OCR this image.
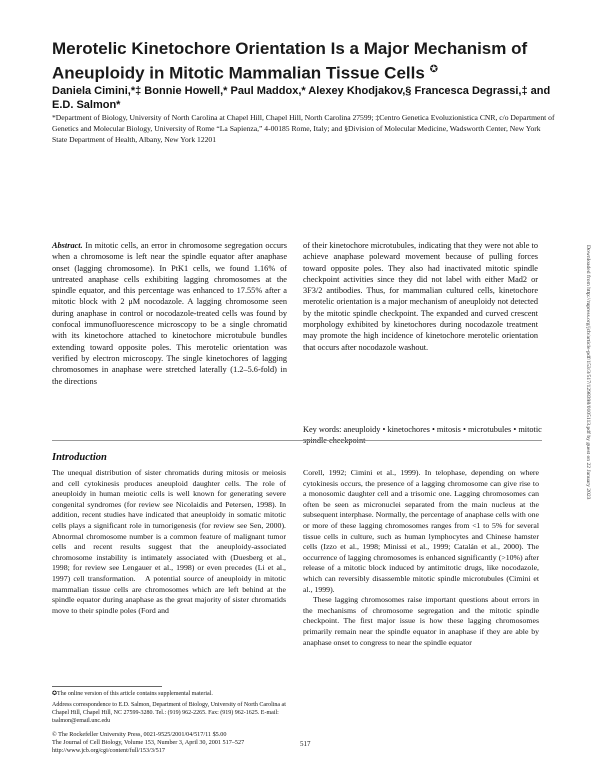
Merotelic Kinetochore Orientation Is a Major Mechanism of Aneuploidy in Mitotic Mammalian Tissue Cells ✪
Daniela Cimini,*‡ Bonnie Howell,* Paul Maddox,* Alexey Khodjakov,§ Francesca Degrassi,‡ and E.D. Salmon*
*Department of Biology, University of North Carolina at Chapel Hill, Chapel Hill, North Carolina 27599; ‡Centro Genetica Evoluzionistica CNR, c/o Department of Genetics and Molecular Biology, University of Rome “La Sapienza,” 4-00185 Rome, Italy; and §Division of Molecular Medicine, Wadsworth Center, New York State Department of Health, Albany, New York 12201
Abstract. In mitotic cells, an error in chromosome segregation occurs when a chromosome is left near the spindle equator after anaphase onset (lagging chromosome). In PtK1 cells, we found 1.16% of untreated anaphase cells exhibiting lagging chromosomes at the spindle equator, and this percentage was enhanced to 17.55% after a mitotic block with 2 μM nocodazole. A lagging chromosome seen during anaphase in control or nocodazole-treated cells was found by confocal immunofluorescence microscopy to be a single chromatid with its kinetochore attached to kinetochore microtubule bundles extending toward opposite poles. This merotelic orientation was verified by electron microscopy. The single kinetochores of lagging chromosomes in anaphase were stretched laterally (1.2–5.6-fold) in the directions
of their kinetochore microtubules, indicating that they were not able to achieve anaphase poleward movement because of pulling forces toward opposite poles. They also had inactivated mitotic spindle checkpoint activities since they did not label with either Mad2 or 3F3/2 antibodies. Thus, for mammalian cultured cells, kinetochore merotelic orientation is a major mechanism of aneuploidy not detected by the mitotic spindle checkpoint. The expanded and curved crescent morphology exhibited by kinetochores during nocodazole treatment may promote the high incidence of kinetochore merotelic orientation that occurs after nocodazole washout.
Key words: aneuploidy • kinetochores • mitosis • microtubules • mitotic
Introduction
The unequal distribution of sister chromatids during mitosis or meiosis and cell cytokinesis produces aneuploid daughter cells. The role of aneuploidy in human meiotic cells is well known for generating severe congenital syndromes (for review see Nicolaidis and Petersen, 1998). In addition, recent studies have indicated that aneuploidy in somatic mitotic cells plays a significant role in tumorigenesis (for review see Sen, 2000). Abnormal chromosome number is a common feature of malignant tumor cells and recent results suggest that the aneuploidy-associated chromosome instability is intimately associated with (Duesberg et al., 1998; for review see Lengauer et al., 1998) or even precedes (Li et al., 1997) cell transformation.   A potential source of aneuploidy in mitotic mammalian tissue cells are chromosomes which are left behind at the spindle equator during anaphase as the great majority of sister chromatids move to their spindle poles (Ford and

Corell, 1992; Cimini et al., 1999). In telophase, depending on where cytokinesis occurs, the presence of a lagging chromosome can give rise to a monosomic daughter cell and a trisomic one. Lagging chromosomes can often be seen as micronuclei separated from the main nucleus at the subsequent interphase. Normally, the percentage of anaphase cells with one or more of these lagging chromosomes ranges from <1 to 5% for several tissue cells in culture, such as human lymphocytes and Chinese hamster cells (Izzo et al., 1998; Minissi et al., 1999; Catalán et al., 2000). The occurrence of lagging chromosomes is enhanced significantly (>10%) after release of a mitotic block induced by antimitotic drugs, like nocodazole, which can reversibly disassemble mitotic spindle microtubules (Cimini et al., 1999).

These lagging chromosomes raise important questions about errors in the mechanisms of chromosome segregation and the mitotic spindle checkpoint. The first major issue is how these lagging chromosomes primarily remain near the spindle equator in anaphase if they are able by anaphase onset to congress to near the spindle equator

✪The online version of this article contains supplemental material.

Address correspondence to E.D. Salmon, Department of Biology, University of North Carolina at Chapel Hill, Chapel Hill, NC 27599-3280. Tel.: (919) 962-2265. Fax: (919) 962-1625. E-mail: tsalmon@email.unc.edu

© The Rockefeller University Press, 0021-9525/2001/04/517/11 $5.00
The Journal of Cell Biology, Volume 153, Number 3, April 30, 2001 517–527
http://www.jcb.org/cgi/content/full/153/3/517
517
Downloaded from http://rupress.org/jcb/article-pdf/153/3/517/1298398/0105113.pdf by guest on 22 January 2023
